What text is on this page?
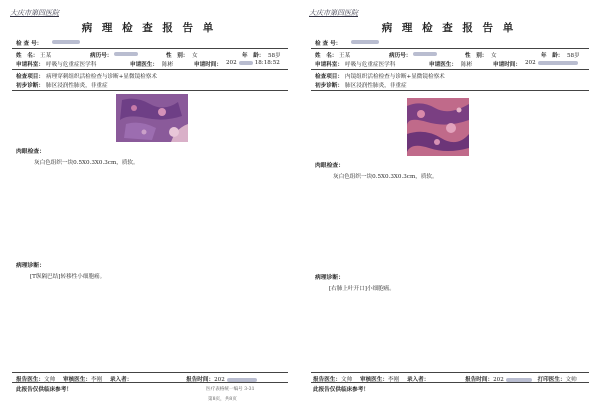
大庆市第四医院
病 理 检 查 报 告 单
检 查 号：
姓　名： 王某	病历号：	性　别： 女	年　龄： 58岁
申请科室： 呼吸与危重症医学科	申请医生： 陈彬	申请时间： 202	18:18:52
检查项目： 病理穿刺组织活检检查与诊断+显微镜检察术
初步诊断： 肺区浸润性肺炎，非重症
肉眼检查：
灰白色组织一块0.5X0.3X0.3cm，质软。
病理诊断：
[T纵隔巴结]转移性小细胞癌。
报告医生：文帅 审核医生：李刚 录入者：	报告时间：202
此报告仅供临床参考！	医疗表格统一编号 3-31
第8页，共8页
大庆市第四医院
病 理 检 查 报 告 单
检 查 号：
姓　名： 王某	病历号：	性　别： 女	年　龄： 58岁
申请科室： 呼吸与危重症医学科	申请医生： 陈彬	申请时间： 202
检查项目： 内镜组织活检检查与诊断+显微镜检察术
初步诊断： 肺区浸润性肺炎，非重症
肉眼检查：
灰白色组织一块0.5X0.3X0.3cm，质软。
病理诊断：
[右肺上叶开口]小细胞癌。
报告医生：文帅 审核医生：李刚 录入者：	报告时间：202	打印医生：文帅
此报告仅供临床参考！
